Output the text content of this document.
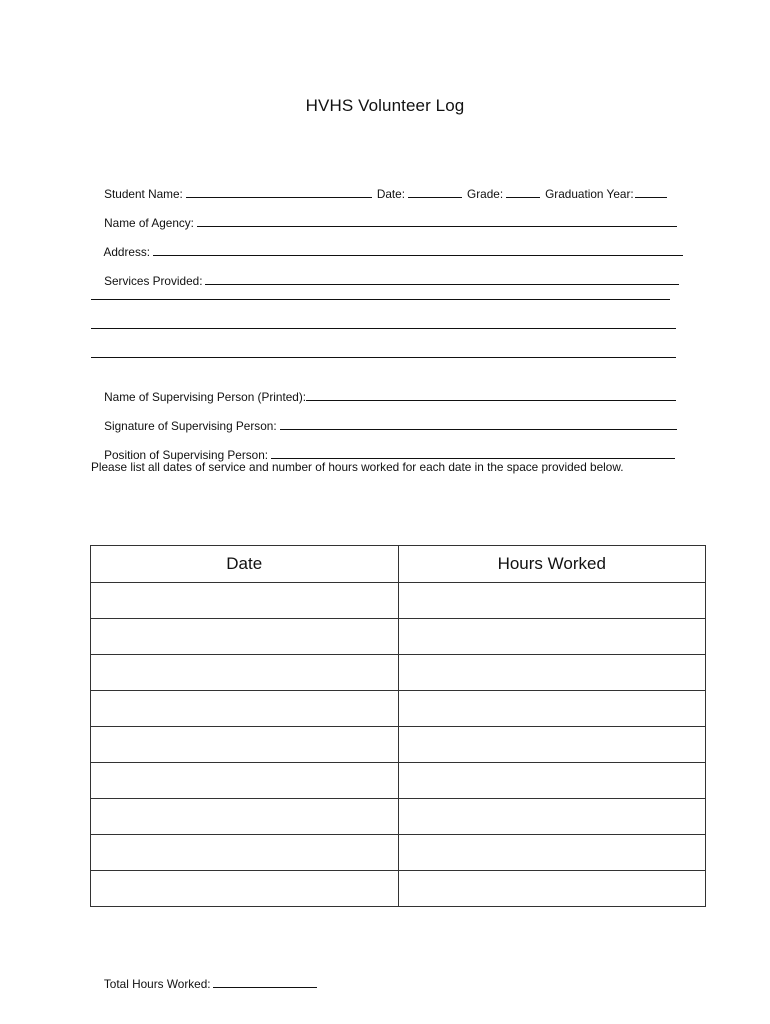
HVHS Volunteer Log

Student Name:	Date:	Grade:	Graduation Year:

Name of Agency:

Address:

Services Provided:

Name of Supervising Person (Printed):

Signature of Supervising Person:

Position of Supervising Person:

Please list all dates of service and number of hours worked for each date in the space provided below.
Date	Hours Worked

Total Hours Worked:
